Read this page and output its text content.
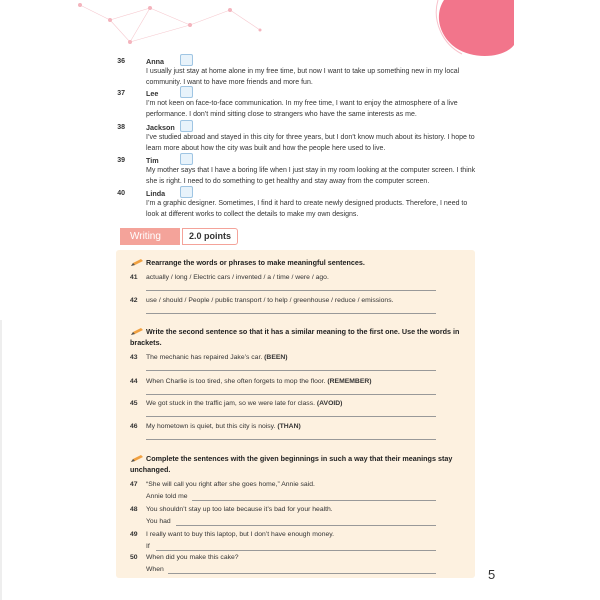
36	Anna
I usually just stay at home alone in my free time, but now I want to take up something new in my local community. I want to have more friends and more fun.
37	Lee
I’m not keen on face-to-face communication. In my free time, I want to enjoy the atmosphere of a live performance. I don’t mind sitting close to strangers who have the same interests as me.
38	Jackson
I’ve studied abroad and stayed in this city for three years, but I don’t know much about its history. I hope to learn more about how the city was built and how the people here used to live.
39	Tim
My mother says that I have a boring life when I just stay in my room looking at the computer screen. I think she is right. I need to do something to get healthy and stay away from the computer screen.
40	Linda
I’m a graphic designer. Sometimes, I find it hard to create newly designed products. Therefore, I need to look at different works to collect the details to make my own designs.
Writing	2.0 points
Rearrange the words or phrases to make meaningful sentences.
41 actually / long / Electric cars / invented / a / time / were / ago.
42 use / should / People / public transport / to help / greenhouse / reduce / emissions.
Write the second sentence so that it has a similar meaning to the first one. Use the words in brackets.
43 The mechanic has repaired Jake’s car. (BEEN)
44 When Charlie is too tired, she often forgets to mop the floor. (REMEMBER)
45 We got stuck in the traffic jam, so we were late for class. (AVOID)
46 My hometown is quiet, but this city is noisy. (THAN)
Complete the sentences with the given beginnings in such a way that their meanings stay unchanged.
47 “She will call you right after she goes home,” Annie said.
Annie told me
48 You shouldn’t stay up too late because it’s bad for your health.
You had
49 I really want to buy this laptop, but I don’t have enough money.
If
50 When did you make this cake?
When	5
